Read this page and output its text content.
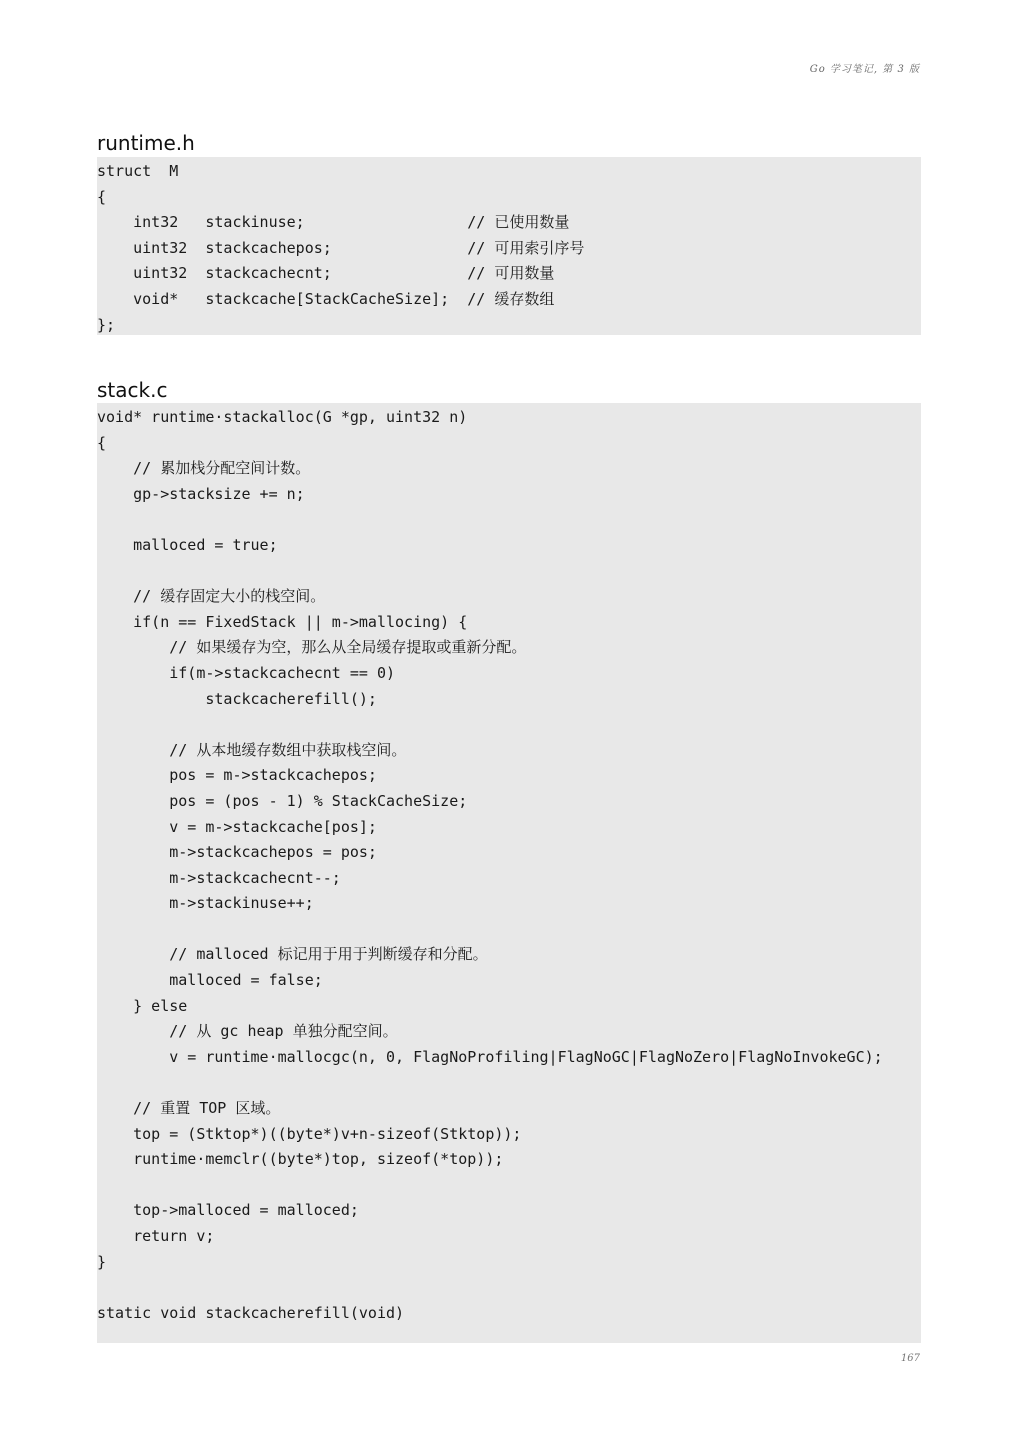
Go 学习笔记, 第 3 版
runtime.h
struct  M
{
int32   stackinuse;                  // 已使用数量
uint32  stackcachepos;               // 可用索引序号
uint32  stackcachecnt;               // 可用数量
void*   stackcache[StackCacheSize];  // 缓存数组
};
stack.c
void* runtime·stackalloc(G *gp, uint32 n)
{
// 累加栈分配空间计数。
gp->stacksize += n;
malloced = true;
// 缓存固定大小的栈空间。
if(n == FixedStack || m->mallocing) {
// 如果缓存为空，那么从全局缓存提取或重新分配。
if(m->stackcachecnt == 0)
stackcacherefill();
// 从本地缓存数组中获取栈空间。
pos = m->stackcachepos;
pos = (pos - 1) % StackCacheSize;
v = m->stackcache[pos];
m->stackcachepos = pos;
m->stackcachecnt--;
m->stackinuse++;
// malloced 标记用于用于判断缓存和分配。
malloced = false;
} else
// 从 gc heap 单独分配空间。
v = runtime·mallocgc(n, 0, FlagNoProfiling|FlagNoGC|FlagNoZero|FlagNoInvokeGC);
// 重置 TOP 区域。
top = (Stktop*)((byte*)v+n-sizeof(Stktop));
runtime·memclr((byte*)top, sizeof(*top));
top->malloced = malloced;
return v;
}
static void stackcacherefill(void)
167
